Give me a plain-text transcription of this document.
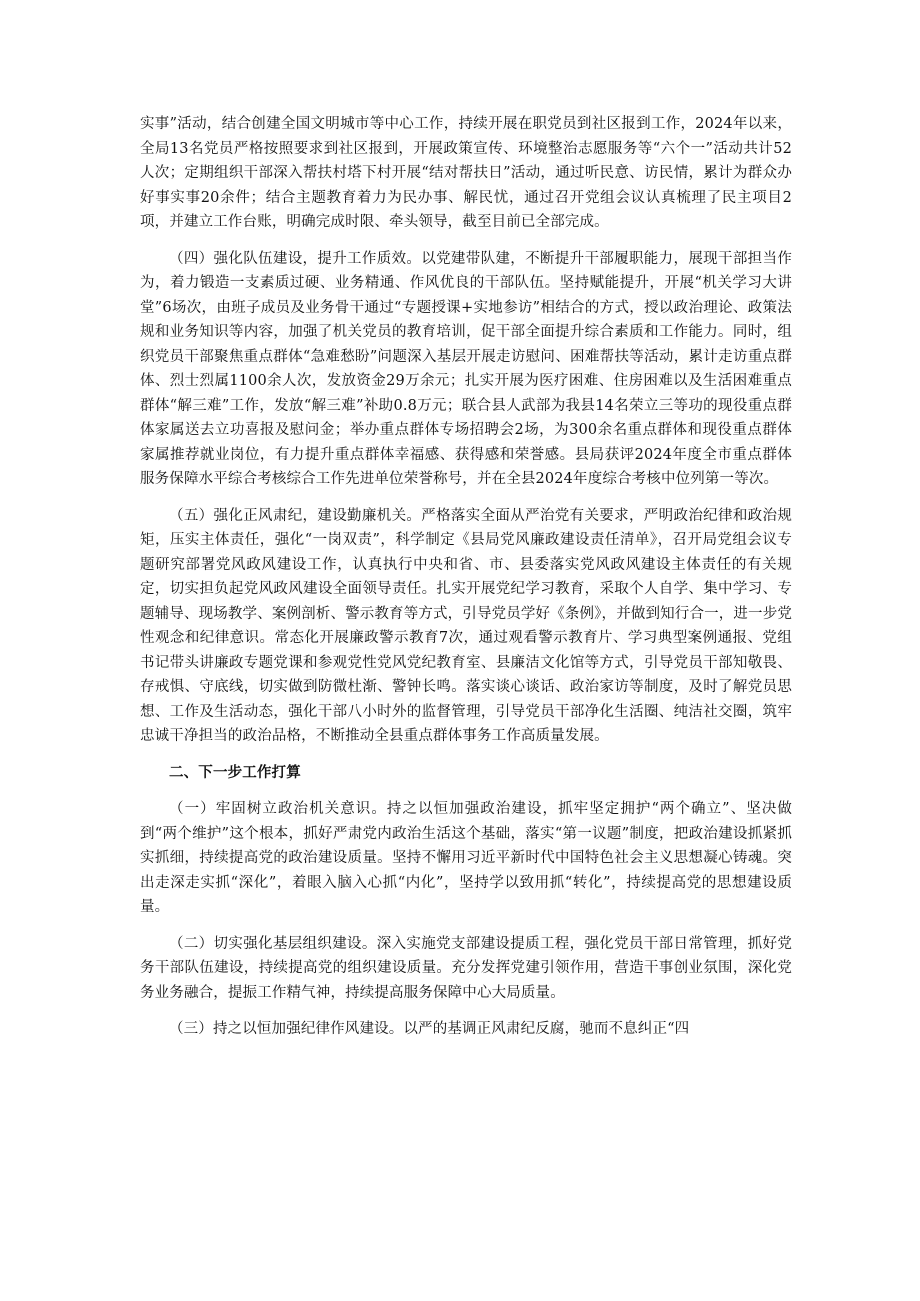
实事”活动，结合创建全国文明城市等中心工作，持续开展在职党员到社区报到工作，2024年以来，全局13名党员严格按照要求到社区报到，开展政策宣传、环境整治志愿服务等“六个一”活动共计52人次；定期组织干部深入帮扶村塔下村开展“结对帮扶日”活动，通过听民意、访民情，累计为群众办好事实事20余件；结合主题教育着力为民办事、解民忧，通过召开党组会议认真梳理了民主项目2项，并建立工作台账，明确完成时限、牵头领导，截至目前已全部完成。

（四）强化队伍建设，提升工作质效。以党建带队建，不断提升干部履职能力，展现干部担当作为，着力锻造一支素质过硬、业务精通、作风优良的干部队伍。坚持赋能提升，开展“机关学习大讲堂”6场次，由班子成员及业务骨干通过“专题授课+实地参访”相结合的方式，授以政治理论、政策法规和业务知识等内容，加强了机关党员的教育培训，促干部全面提升综合素质和工作能力。同时，组织党员干部聚焦重点群体“急难愁盼”问题深入基层开展走访慰问、困难帮扶等活动，累计走访重点群体、烈士烈属1100余人次，发放资金29万余元；扎实开展为医疗困难、住房困难以及生活困难重点群体“解三难”工作，发放“解三难”补助0.8万元；联合县人武部为我县14名荣立三等功的现役重点群体家属送去立功喜报及慰问金；举办重点群体专场招聘会2场，为300余名重点群体和现役重点群体家属推荐就业岗位，有力提升重点群体幸福感、获得感和荣誉感。县局获评2024年度全市重点群体服务保障水平综合考核综合工作先进单位荣誉称号，并在全县2024年度综合考核中位列第一等次。

（五）强化正风肃纪，建设勤廉机关。严格落实全面从严治党有关要求，严明政治纪律和政治规矩，压实主体责任，强化“一岗双责”，科学制定《县局党风廉政建设责任清单》，召开局党组会议专题研究部署党风政风建设工作，认真执行中央和省、市、县委落实党风政风建设主体责任的有关规定，切实担负起党风政风建设全面领导责任。扎实开展党纪学习教育，采取个人自学、集中学习、专题辅导、现场教学、案例剖析、警示教育等方式，引导党员学好《条例》，并做到知行合一，进一步党性观念和纪律意识。常态化开展廉政警示教育7次，通过观看警示教育片、学习典型案例通报、党组书记带头讲廉政专题党课和参观党性党风党纪教育室、县廉洁文化馆等方式，引导党员干部知敬畏、存戒惧、守底线，切实做到防微杜渐、警钟长鸣。落实谈心谈话、政治家访等制度，及时了解党员思想、工作及生活动态，强化干部八小时外的监督管理，引导党员干部净化生活圈、纯洁社交圈，筑牢忠诚干净担当的政治品格，不断推动全县重点群体事务工作高质量发展。

二、下一步工作打算

（一）牢固树立政治机关意识。持之以恒加强政治建设，抓牢坚定拥护“两个确立”、坚决做到“两个维护”这个根本，抓好严肃党内政治生活这个基础，落实“第一议题”制度，把政治建设抓紧抓实抓细，持续提高党的政治建设质量。坚持不懈用习近平新时代中国特色社会主义思想凝心铸魂。突出走深走实抓“深化”，着眼入脑入心抓“内化”，坚持学以致用抓“转化”，持续提高党的思想建设质量。

（二）切实强化基层组织建设。深入实施党支部建设提质工程，强化党员干部日常管理，抓好党务干部队伍建设，持续提高党的组织建设质量。充分发挥党建引领作用，营造干事创业氛围，深化党务业务融合，提振工作精气神，持续提高服务保障中心大局质量。

（三）持之以恒加强纪律作风建设。以严的基调正风肃纪反腐，驰而不息纠正“四
